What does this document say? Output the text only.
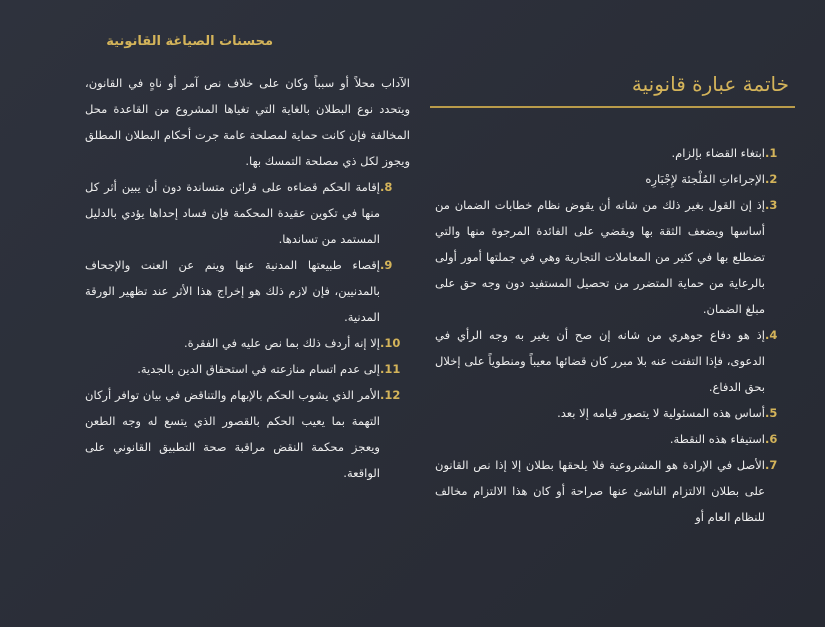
محسنات الصياغة القانونية
خاتمة عبارة قانونية
1.
ابتغاء القضاء بإلزام.
2.
الإجراءاتِ المُلْجئة لإِجْبَارِه
3.
إذ إن القول بغير ذلك من شانه أن يقوض نظام خطابات الضمان من أساسها ويضعف الثقة بها ويقضي على الفائدة المرجوة منها والتي تضطلع بها في كثير من المعاملات التجارية وهي في جملتها أمور أولى بالرعاية من حماية المتضرر من تحصيل المستفيد دون وجه حق على مبلغ الضمان.
4.
إذ هو دفاع جوهري من شانه إن صح أن يغير به وجه الرأي في الدعوى، فإذا التفتت عنه بلا مبرر كان قضائها معيباً ومنطوياً على إخلال بحق الدفاع.
5.
أساس هذه المسئولية لا يتصور قيامه إلا بعد.
6.
استيفاء هذه النقطة.
7.
الأصل في الإرادة هو المشروعية فلا يلحقها بطلان إلا إذا نص القانون على بطلان الالتزام الناشئ عنها صراحة أو كان هذا الالتزام مخالف للنظام العام أو
الآداب محلاً أو سبباً وكان على خلاف نص آمر أو ناهٍ في القانون، ويتحدد نوع البطلان بالغاية التي تغياها المشروع من القاعدة محل المخالفة فإن كانت حماية لمصلحة عامة جرت أحكام البطلان المطلق ويجوز لكل ذي مصلحة التمسك بها.
8.
إقامة الحكم قضاءه على قرائن متساندة دون أن يبين أثر كل منها في تكوين عقيدة المحكمة فإن فساد إحداها يؤدي بالدليل المستمد من تساندها.
9.
إقصاء طبيعتها المدنية عنها وينم عن العنت والإجحاف بالمدنيين، فإن لازم ذلك هو إخراج هذا الأثر عند تظهير الورقة المدنية.
10.
إلا إنه أردف ذلك بما نص عليه في الفقرة.
11.
إلى عدم اتسام منازعته في استحقاق الدين بالجدية.
12.
الأمر الذي يشوب الحكم بالإبهام والتناقض في بيان توافر أركان التهمة بما يعيب الحكم بالقصور الذي يتسع له وجه الطعن ويعجز محكمة النقض مراقبة صحة التطبيق القانوني على الواقعة.
